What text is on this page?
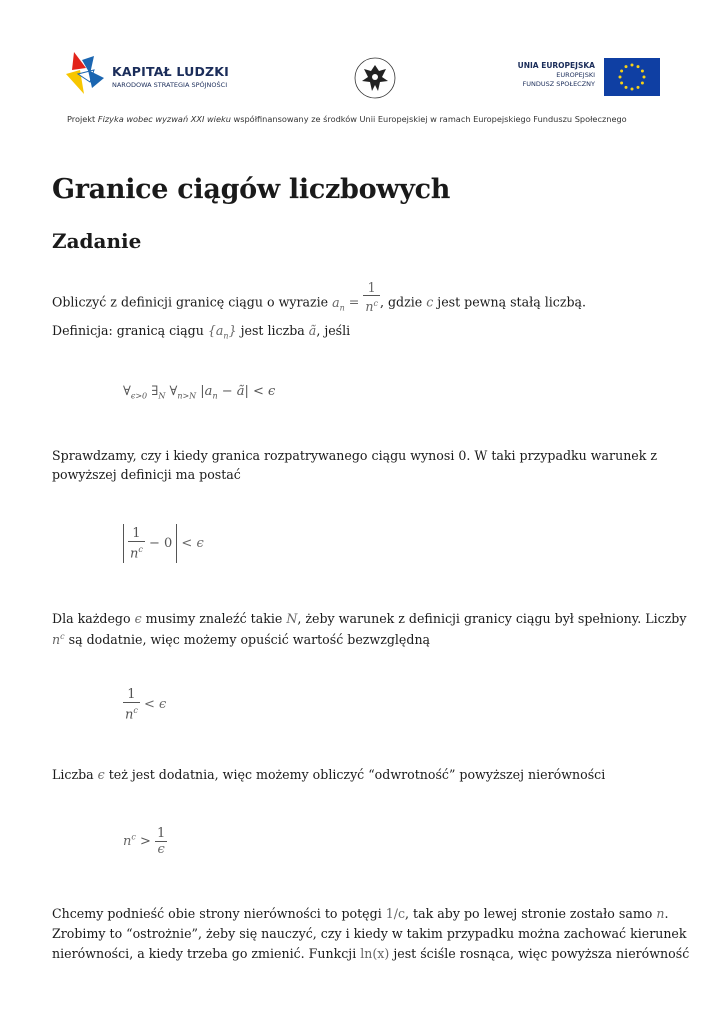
KAPITAŁ LUDZKI
NARODOWA STRATEGIA SPÓJNOŚCI
UNIA EUROPEJSKA
EUROPEJSKI
FUNDUSZ SPOŁECZNY
Projekt Fizyka wobec wyzwań XXI wieku współfinansowany ze środków Unii Europejskiej w ramach Europejskiego Funduszu Społecznego
Granice ciągów liczbowych
Zadanie
Obliczyć z definicji granicę ciągu o wyrazie $a_n = \frac{1}{n^c}$ , gdzie c jest pewną stałą liczbą.
Definicja: granicą ciągu $\{a_n\}$ jest liczba ã, jeśli
$\forall_{\epsilon>0}$ $\exists_N$ $\forall_{n>N}$ $|a_n$ − ã| < ϵ
Sprawdzamy, czy i kiedy granica rozpatrywanego ciągu wynosi 0. W taki przypadku warunek z
powyższej definicji ma postać
$\frac{1}{n^c} - 0 < \epsilon$
Dla każdego ϵ musimy znaleźć takie N, żeby warunek z definicji granicy ciągu był spełniony. Liczby
$n^c$ są dodatnie, więc możemy opuścić wartość bezwzględną
$\frac{1}{n^c} < \epsilon$
Liczba ϵ też jest dodatnia, więc możemy obliczyć “odwrotność” powyższej nierówności
$n^c > \frac{1}{\epsilon}$
Chcemy podnieść obie strony nierówności to potęgi 1/c, tak aby po lewej stronie zostało samo n.
Zrobimy to “ostrożnie”, żeby się nauczyć, czy i kiedy w takim przypadku można zachować kierunek
nierówności, a kiedy trzeba go zmienić. Funkcji ln(x) jest ściśle rosnąca, więc powyższa nierówność
